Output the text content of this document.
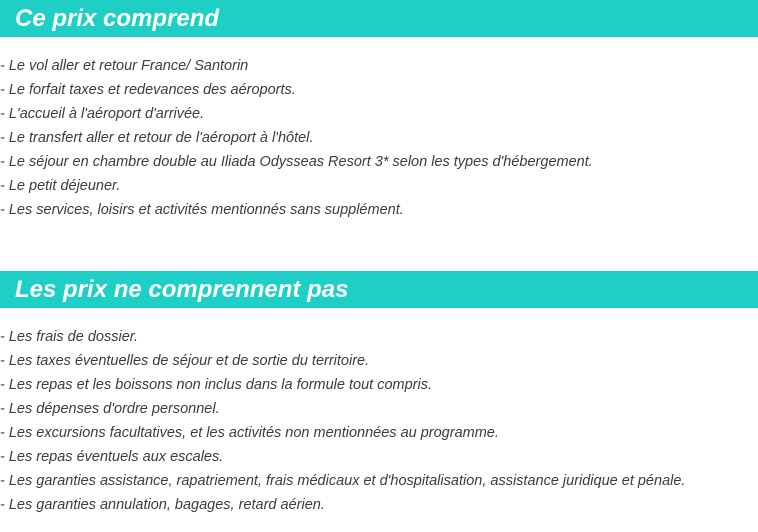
Ce prix comprend
- Le vol aller et retour France/ Santorin
- Le forfait taxes et redevances des aéroports.
- L'accueil à l'aéroport d'arrivée.
- Le transfert aller et retour de l'aéroport à l'hôtel.
- Le séjour en chambre double au Iliada Odysseas Resort 3* selon les types d'hébergement.
- Le petit déjeuner.
- Les services, loisirs et activités mentionnés sans supplément.
Les prix ne comprennent pas
- Les frais de dossier.
- Les taxes éventuelles de séjour et de sortie du territoire.
- Les repas et les boissons non inclus dans la formule tout compris.
- Les dépenses d'ordre personnel.
- Les excursions facultatives, et les activités non mentionnées au programme.
- Les repas éventuels aux escales.
- Les garanties assistance, rapatriement, frais médicaux et d'hospitalisation, assistance juridique et pénale.
- Les garanties annulation, bagages, retard aérien.
